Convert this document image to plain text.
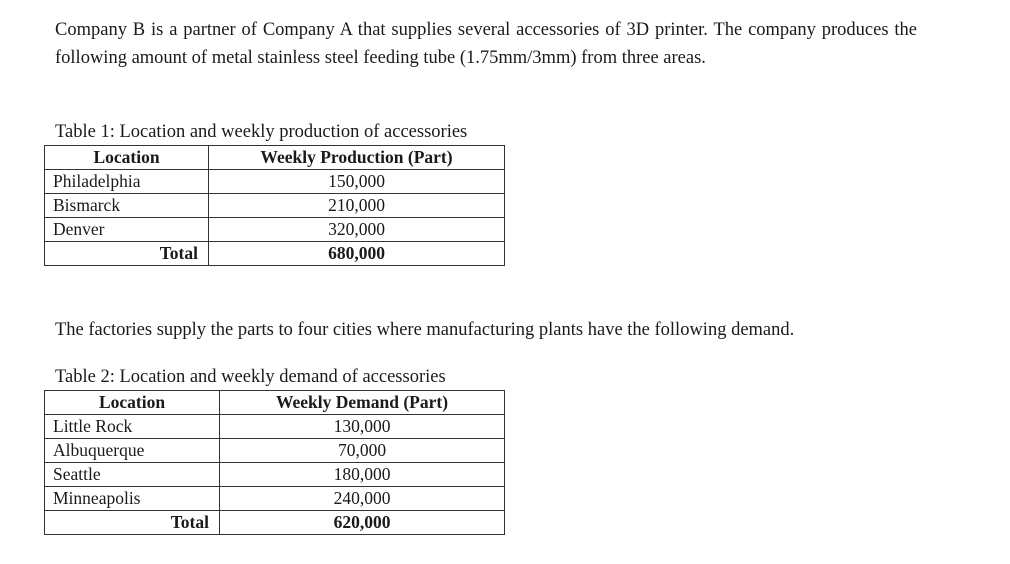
Company B is a partner of Company A that supplies several accessories of 3D printer. The company produces the following amount of metal stainless steel feeding tube (1.75mm/3mm) from three areas.

Table 1: Location and weekly production of accessories

Location	Weekly Production (Part)
Philadelphia	150,000
Bismarck	210,000
Denver	320,000
Total	680,000

The factories supply the parts to four cities where manufacturing plants have the following demand.

Table 2: Location and weekly demand of accessories

Location	Weekly Demand (Part)
Little Rock	130,000
Albuquerque	70,000
Seattle	180,000
Minneapolis	240,000
Total	620,000
